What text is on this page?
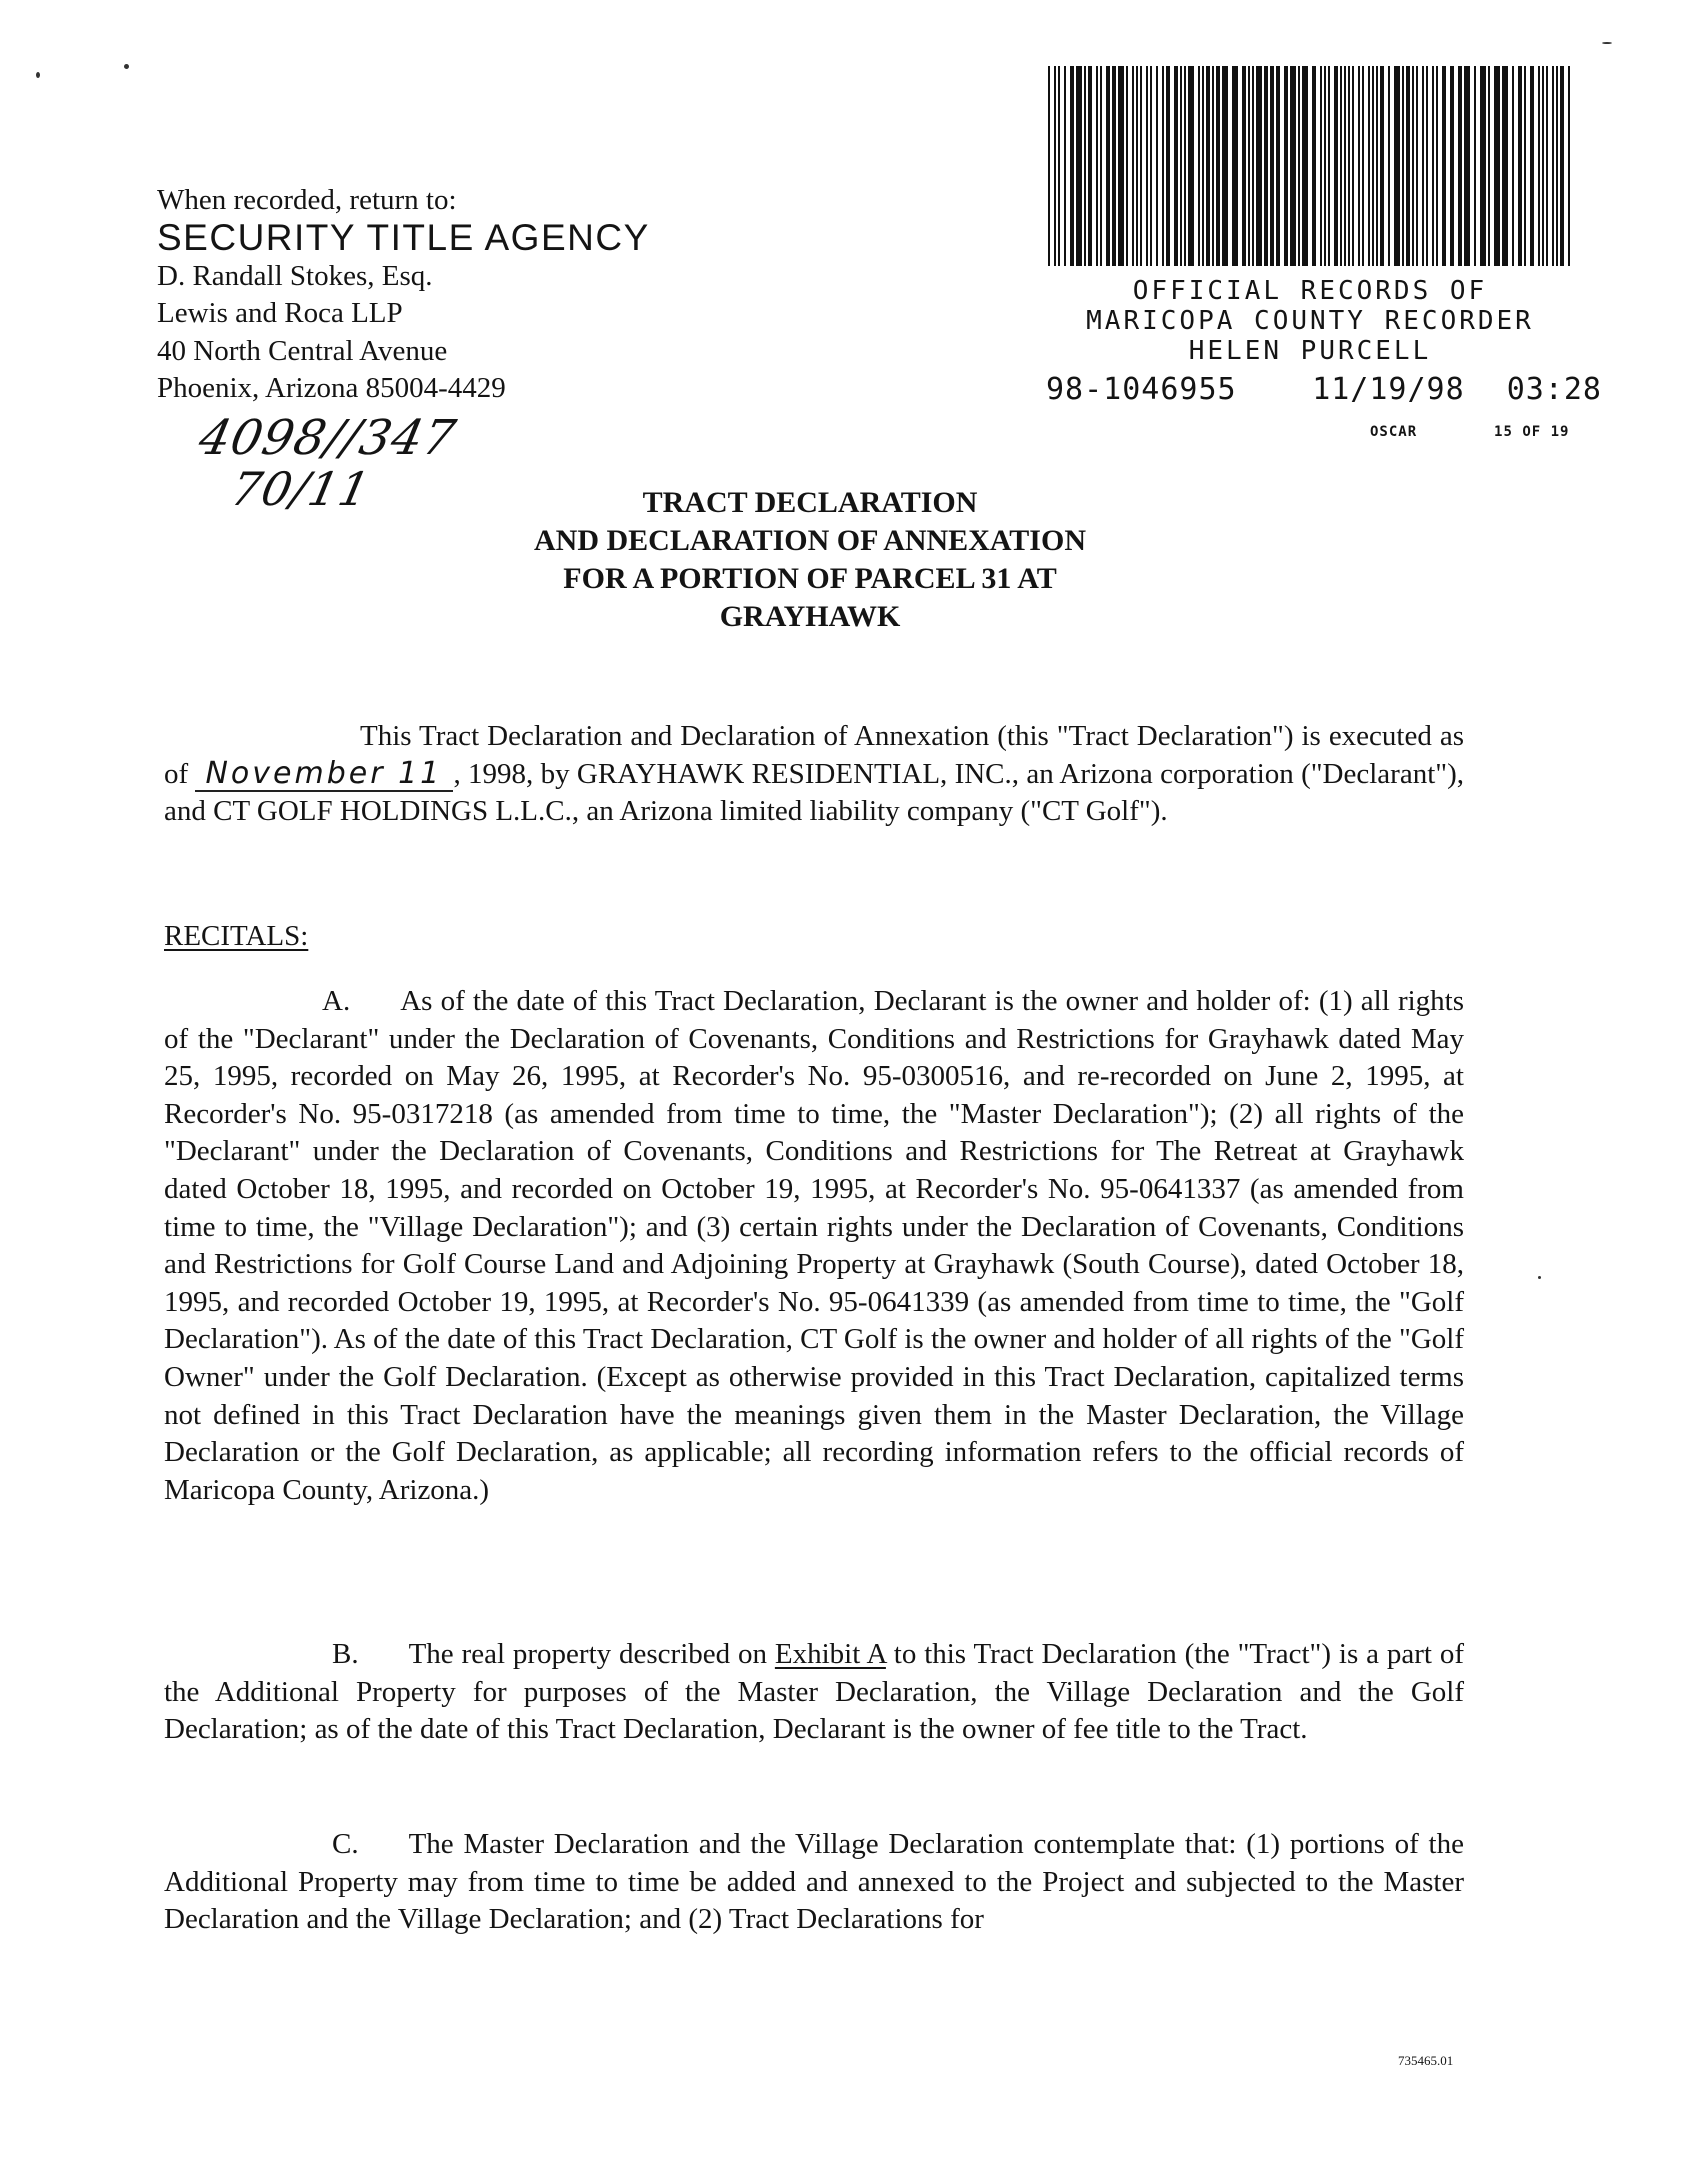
When recorded, return to:
SECURITY TITLE AGENCY
D. Randall Stokes, Esq.
Lewis and Roca LLP
40 North Central Avenue
Phoenix, Arizona 85004-4429
4098//347
70/11
OFFICIAL RECORDS OF
MARICOPA COUNTY RECORDER
HELEN PURCELL
98-1046955	11/19/98 03:28
OSCAR	15 OF 19
TRACT DECLARATION
AND DECLARATION OF ANNEXATION
FOR A PORTION OF PARCEL 31 AT
GRAYHAWK
This Tract Declaration and Declaration of Annexation (this "Tract Declaration") is executed as of November 11 , 1998, by GRAYHAWK RESIDENTIAL, INC., an Arizona corporation ("Declarant"), and CT GOLF HOLDINGS L.L.C., an Arizona limited liability company ("CT Golf").
RECITALS:
A. As of the date of this Tract Declaration, Declarant is the owner and holder of: (1) all rights of the "Declarant" under the Declaration of Covenants, Conditions and Restrictions for Grayhawk dated May 25, 1995, recorded on May 26, 1995, at Recorder's No. 95-0300516, and re-recorded on June 2, 1995, at Recorder's No. 95-0317218 (as amended from time to time, the "Master Declaration"); (2) all rights of the "Declarant" under the Declaration of Covenants, Conditions and Restrictions for The Retreat at Grayhawk dated October 18, 1995, and recorded on October 19, 1995, at Recorder's No. 95-0641337 (as amended from time to time, the "Village Declaration"); and (3) certain rights under the Declaration of Covenants, Conditions and Restrictions for Golf Course Land and Adjoining Property at Grayhawk (South Course), dated October 18, 1995, and recorded October 19, 1995, at Recorder's No. 95-0641339 (as amended from time to time, the "Golf Declaration"). As of the date of this Tract Declaration, CT Golf is the owner and holder of all rights of the "Golf Owner" under the Golf Declaration. (Except as otherwise provided in this Tract Declaration, capitalized terms not defined in this Tract Declaration have the meanings given them in the Master Declaration, the Village Declaration or the Golf Declaration, as applicable; all recording information refers to the official records of Maricopa County, Arizona.)
B. The real property described on Exhibit A to this Tract Declaration (the "Tract") is a part of the Additional Property for purposes of the Master Declaration, the Village Declaration and the Golf Declaration; as of the date of this Tract Declaration, Declarant is the owner of fee title to the Tract.
C. The Master Declaration and the Village Declaration contemplate that: (1) portions of the Additional Property may from time to time be added and annexed to the Project and subjected to the Master Declaration and the Village Declaration; and (2) Tract Declarations for
735465.01
